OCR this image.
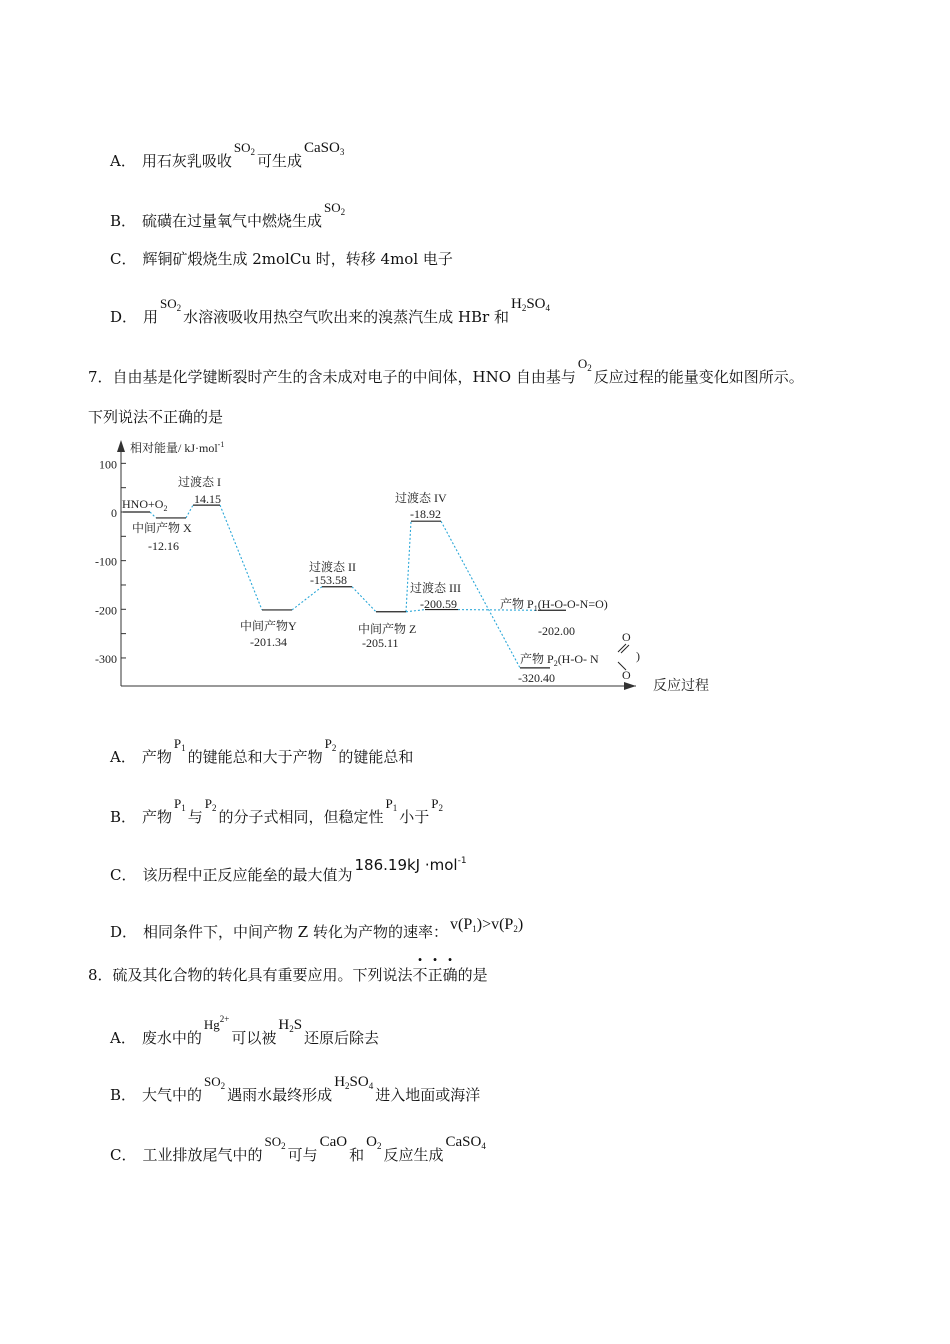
A． 用石灰乳吸收$SO_2$ 可生成CaSO$_3$
B． 硫磺在过量氧气中燃烧生成$SO_2$
C． 辉铜矿煅烧生成 2molCu 时，转移 4mol 电子
D． 用$SO_2$ 水溶液吸收用热空气吹出来的溴蒸汽生成 HBr 和$H_2SO_4$
7．自由基是化学键断裂时产生的含未成对电子的中间体，HNO 自由基与$O_2$ 反应过程的能量变化如图所示。
下列说法不正确的是
相对能量/ kJ·mol$^{-1}$
反应过程
100
0
-100
-200
-300
$HNO+O_2$
中间产物 X
-12.16
过渡态 I
14.15
中间产物Y
-201.34
过渡态 II
-153.58
中间产物 Z
-205.11
过渡态 IV
-18.92
过渡态 III
-200.59	产物 $P_1(H-O-O-N=O)$
-202.00
产物 $P_2(H-O-$ N
-320.40
O
O
)
A． 产物$P_1$ 的键能总和大于产物$P_2$ 的键能总和
B． 产物$P_1$ 与$P_2$ 的分子式相同，但稳定性$P_1$ 小于$P_2$
C． 该历程中正反应能垒的最大值为186.19kJ ·mol$^{-1}$
D． 相同条件下，中间产物 Z 转化为产物的速率： $v(P_1)>v(P_2)$
8．硫及其化合物的转化具有重要应用。下列说法不正确的是
A． 废水中的$Hg^{2+}$可以被$H_2S$还原后除去
B． 大气中的$SO_2$ 遇雨水最终形成$H_2SO_4$ 进入地面或海洋
C． 工业排放尾气中的$SO_2$ 可与CaO和$O_2$ 反应生成CaSO$_4$
